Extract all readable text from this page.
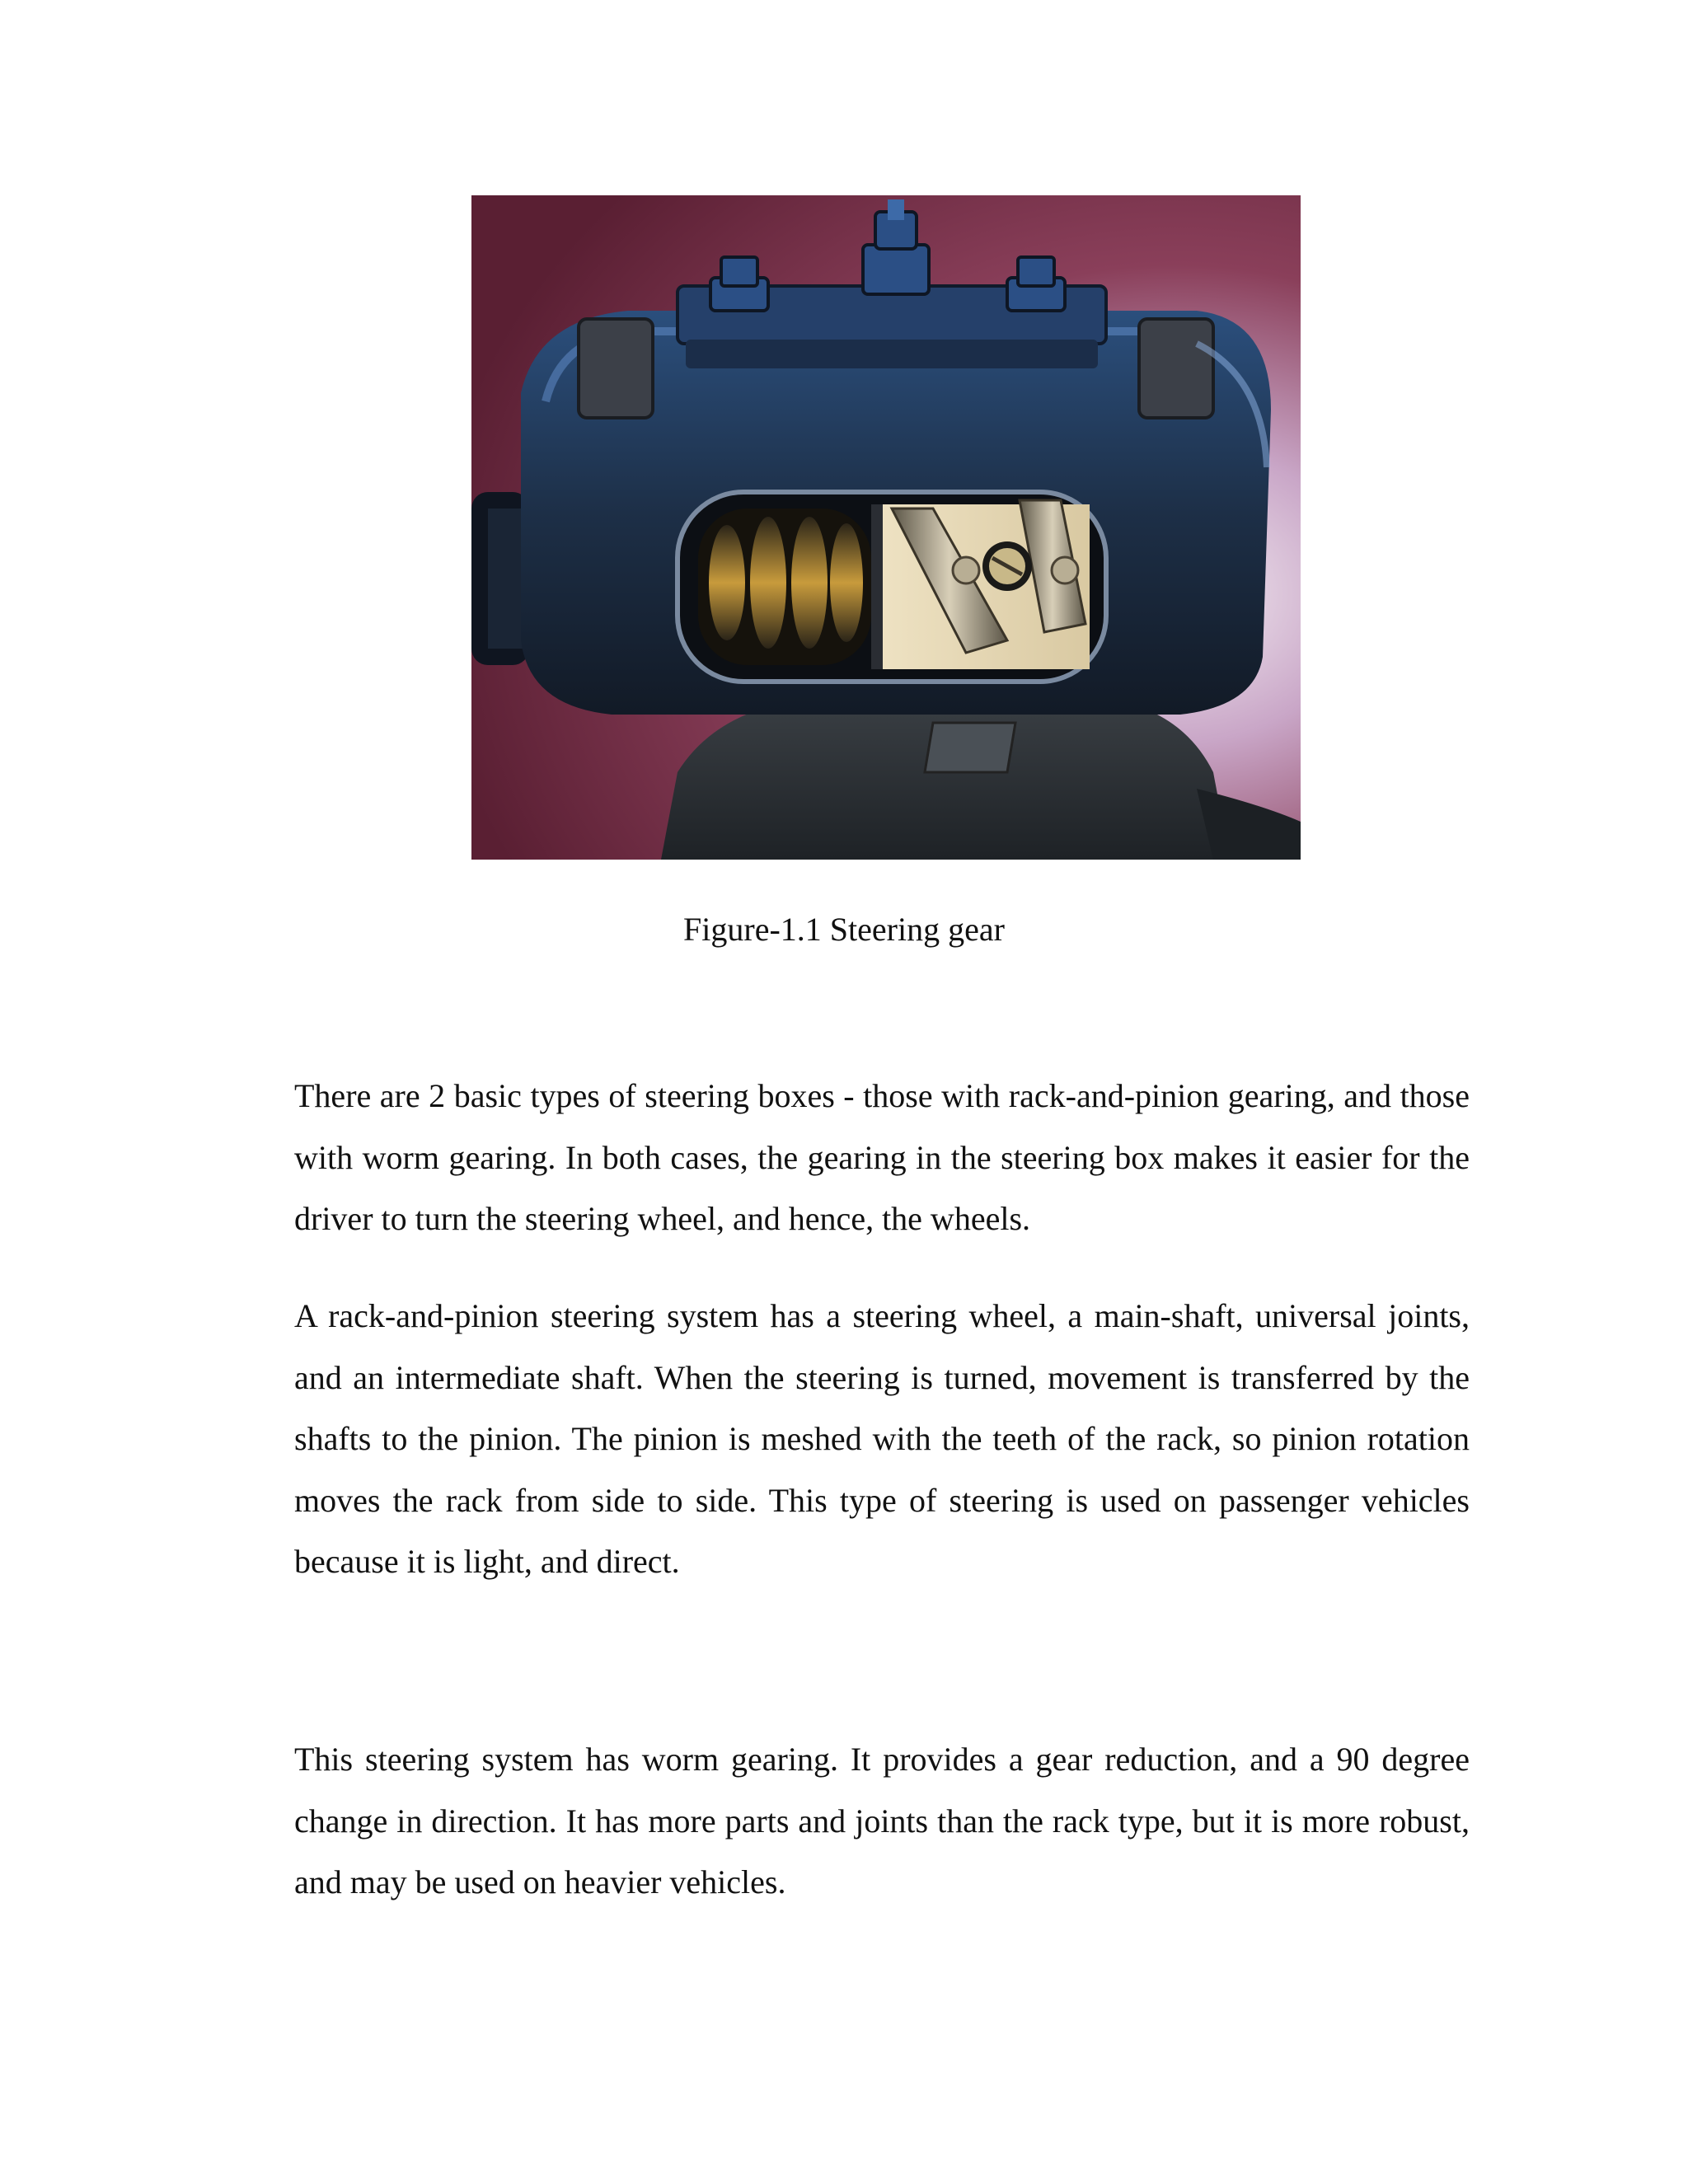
Figure-1.1 Steering gear

There are 2 basic types of steering boxes - those with rack-and-pinion gearing, and those with worm gearing. In both cases, the gearing in the steering box makes it easier for the driver to turn the steering wheel, and hence, the wheels.

A rack-and-pinion steering system has a steering wheel, a main-shaft, universal joints, and an intermediate shaft. When the steering is turned, movement is transferred by the shafts to the pinion. The pinion is meshed with the teeth of the rack, so pinion rotation moves the rack from side to side. This type of steering is used on passenger vehicles because it is light, and direct.

This steering system has worm gearing. It provides a gear reduction, and a 90 degree change in direction. It has more parts and joints than the rack type, but it is more robust, and may be used on heavier vehicles.
